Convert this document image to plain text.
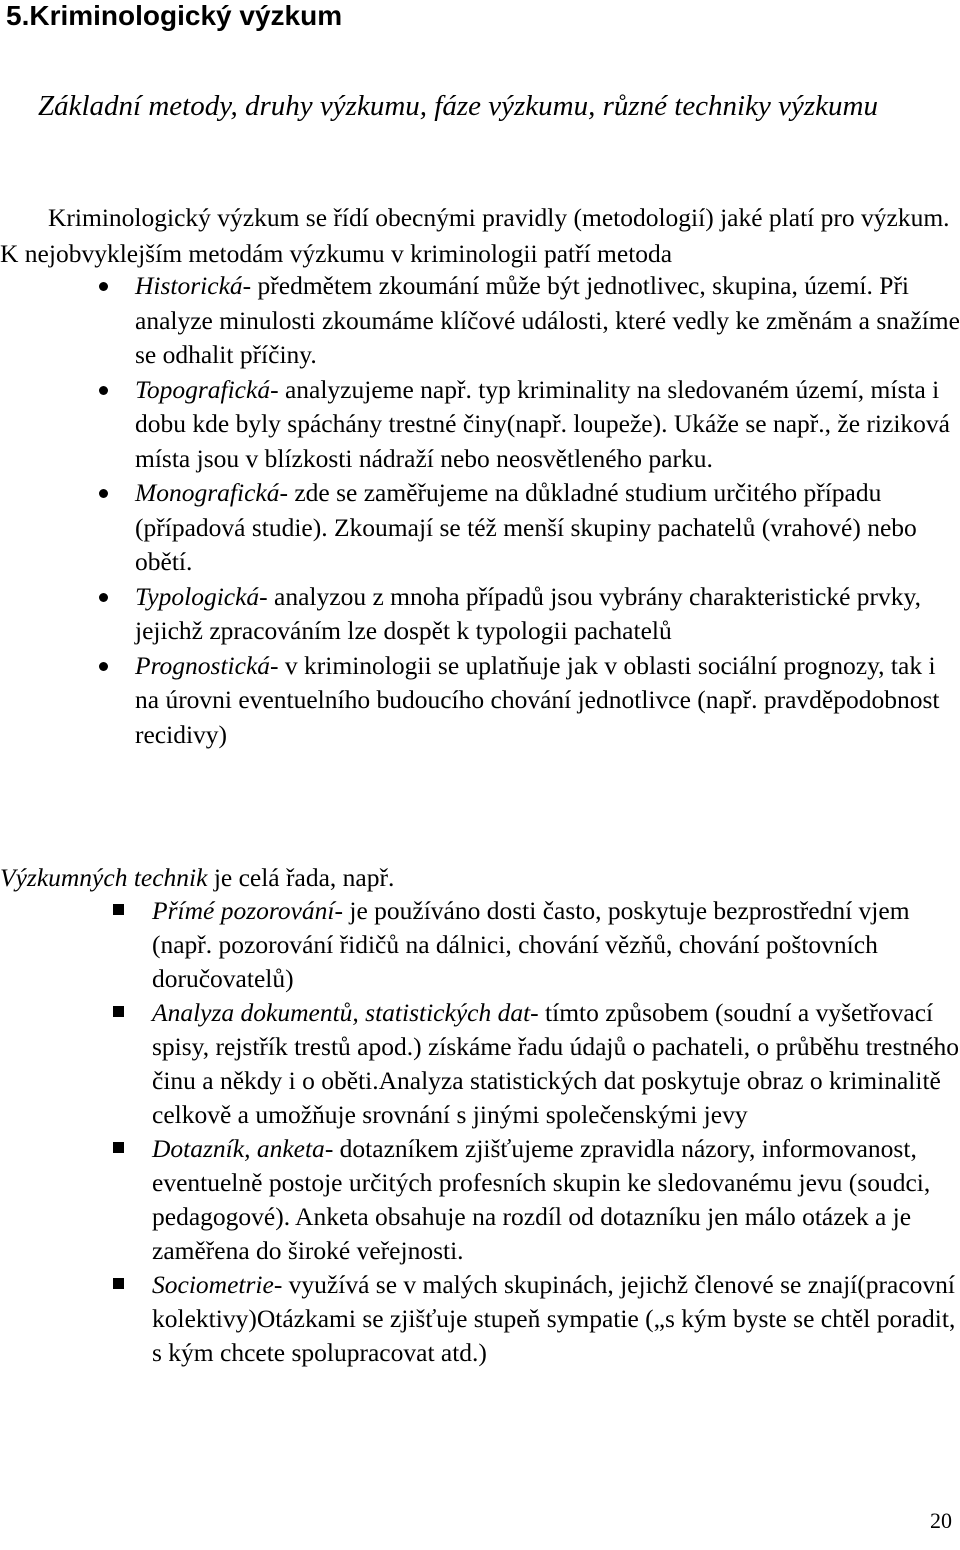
5.Kriminologický výzkum
Základní metody, druhy výzkumu, fáze výzkumu, různé techniky výzkumu
Kriminologický výzkum se řídí obecnými pravidly (metodologií) jaké platí pro výzkum. K nejobvyklejším metodám výzkumu v kriminologii patří metoda
Historická- předmětem zkoumání může být jednotlivec, skupina, území. Při analyze minulosti zkoumáme klíčové události, které vedly ke změnám a snažíme se odhalit příčiny.
Topografická- analyzujeme např. typ kriminality na sledovaném území, místa i dobu kde byly spáchány trestné činy(např. loupeže). Ukáže se např., že riziková místa jsou v blízkosti nádraží nebo neosvětleného parku.
Monografická- zde se zaměřujeme na důkladné studium určitého případu (případová studie). Zkoumají se též menší skupiny pachatelů (vrahové) nebo obětí.
Typologická- analyzou z mnoha případů jsou vybrány charakteristické prvky, jejichž zpracováním lze dospět k typologii pachatelů
Prognostická- v kriminologii se uplatňuje jak v oblasti sociální prognozy, tak i na úrovni eventuelního budoucího chování jednotlivce (např. pravděpodobnost recidivy)
Výzkumných technik je celá řada, např.
Přímé pozorování- je používáno dosti často, poskytuje bezprostřední vjem (např. pozorování řidičů na dálnici, chování vězňů, chování poštovních doručovatelů)
Analyza dokumentů, statistických dat- tímto způsobem (soudní a vyšetřovací spisy, rejstřík trestů apod.) získáme řadu údajů o pachateli, o průběhu trestného činu a někdy i o oběti.Analyza statistických dat poskytuje obraz o kriminalitě celkově a umožňuje srovnání s jinými společenskými jevy
Dotazník, anketa- dotazníkem zjišťujeme zpravidla názory, informovanost, eventuelně postoje určitých profesních skupin ke sledovanému jevu (soudci, pedagogové). Anketa obsahuje na rozdíl od dotazníku jen málo otázek a je zaměřena do široké veřejnosti.
Sociometrie- využívá se v malých skupinách, jejichž členové se znají(pracovní kolektivy)Otázkami se zjišťuje stupeň sympatie („s kým byste se chtěl poradit, s kým chcete spolupracovat atd.)
20
